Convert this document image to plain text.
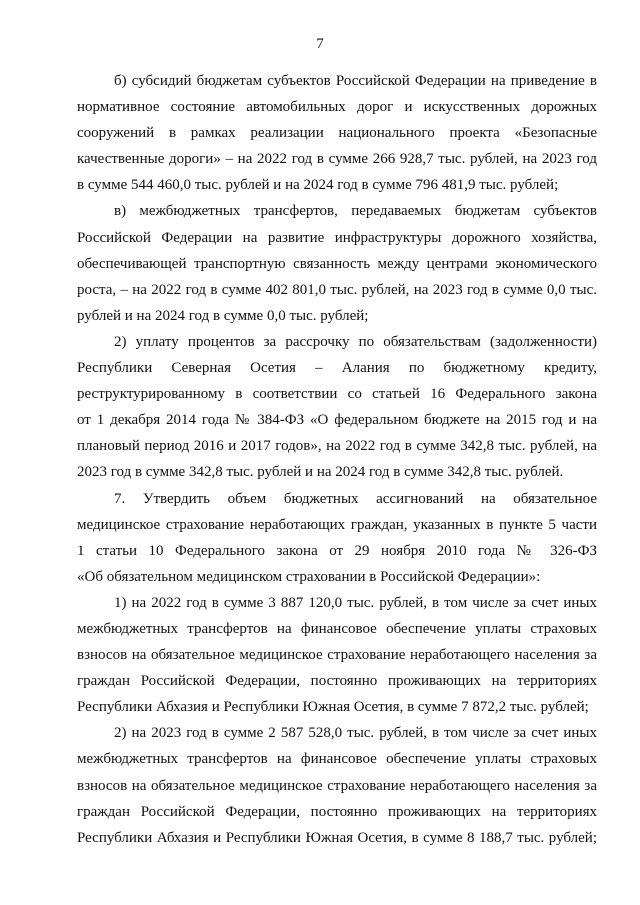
7
б) субсидий бюджетам субъектов Российской Федерации на приведение в
нормативное состояние автомобильных дорог и искусственных дорожных
сооружений в рамках реализации национального проекта «Безопасные
качественные дороги» – на 2022 год в сумме 266 928,7 тыс. рублей, на 2023 год
в сумме 544 460,0 тыс. рублей и на 2024 год в сумме 796 481,9 тыс. рублей;
в) межбюджетных трансфертов, передаваемых бюджетам субъектов
Российской Федерации на развитие инфраструктуры дорожного хозяйства,
обеспечивающей транспортную связанность между центрами экономического
роста, – на 2022 год в сумме 402 801,0 тыс. рублей, на 2023 год в сумме 0,0 тыс.
рублей и на 2024 год в сумме 0,0 тыс. рублей;
2) уплату процентов за рассрочку по обязательствам (задолженности)
Республики Северная Осетия – Алания по бюджетному кредиту,
реструктурированному в соответствии со статьей 16 Федерального закона
от 1 декабря 2014 года № 384-ФЗ «О федеральном бюджете на 2015 год и на
плановый период 2016 и 2017 годов», на 2022 год в сумме 342,8 тыс. рублей, на
2023 год в сумме 342,8 тыс. рублей и на 2024 год в сумме 342,8 тыс. рублей.
7. Утвердить объем бюджетных ассигнований на обязательное
медицинское страхование неработающих граждан, указанных в пункте 5 части
1 статьи 10 Федерального закона от 29 ноября 2010 года № 326-ФЗ
«Об обязательном медицинском страховании в Российской Федерации»:
1) на 2022 год в сумме 3 887 120,0 тыс. рублей, в том числе за счет иных
межбюджетных трансфертов на финансовое обеспечение уплаты страховых
взносов на обязательное медицинское страхование неработающего населения за
граждан Российской Федерации, постоянно проживающих на территориях
Республики Абхазия и Республики Южная Осетия, в сумме 7 872,2 тыс. рублей;
2) на 2023 год в сумме 2 587 528,0 тыс. рублей, в том числе за счет иных
межбюджетных трансфертов на финансовое обеспечение уплаты страховых
взносов на обязательное медицинское страхование неработающего населения за
граждан Российской Федерации, постоянно проживающих на территориях
Республики Абхазия и Республики Южная Осетия, в сумме 8 188,7 тыс. рублей;
